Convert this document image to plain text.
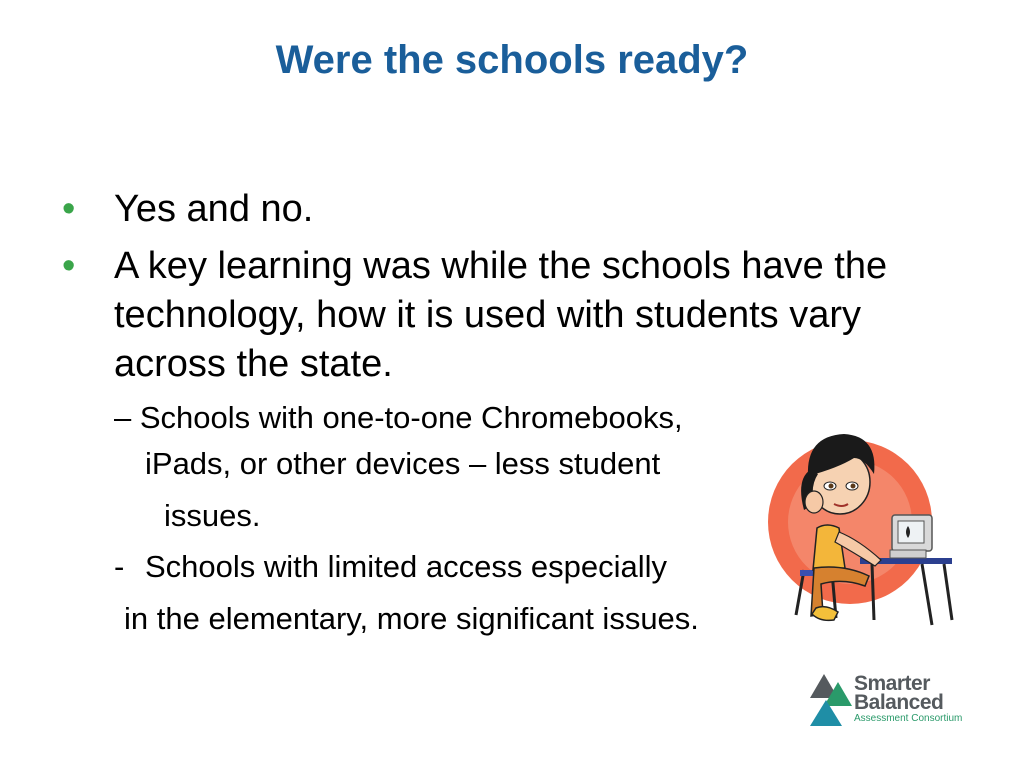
Were the schools ready?
• Yes and no.
• A key learning was while the schools have the technology, how it is used with students vary across the state.
– Schools with one-to-one Chromebooks,
iPads, or other devices – less student
issues.
- Schools with limited access especially
in the elementary, more significant issues.
Smarter
Balanced
Assessment Consortium
